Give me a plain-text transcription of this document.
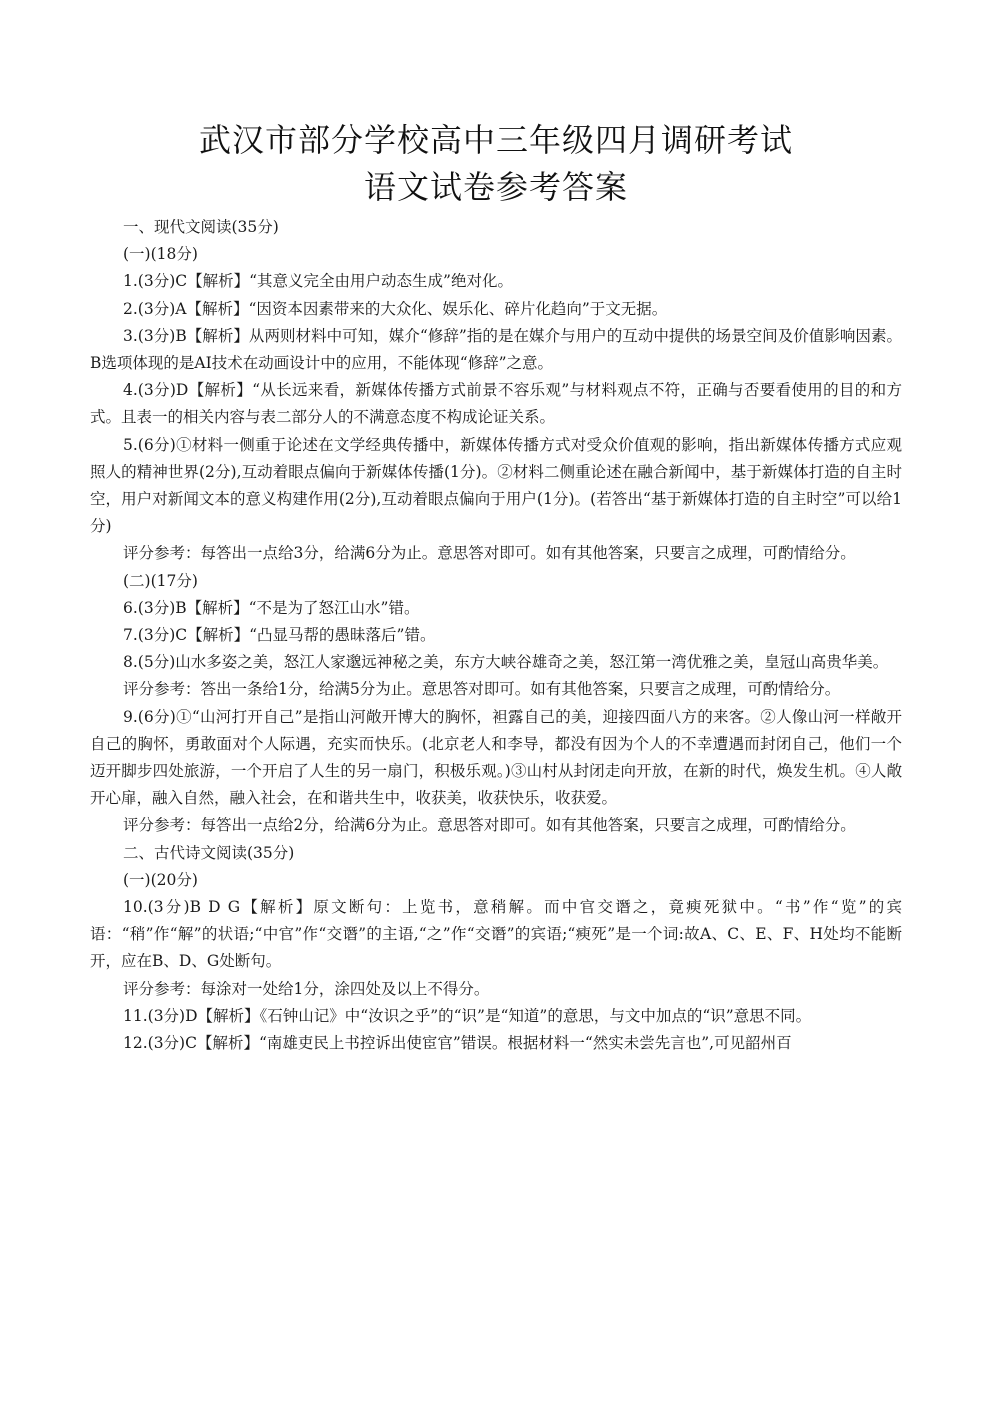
武汉市部分学校高中三年级四月调研考试
语文试卷参考答案

一、现代文阅读(35分)

(一)(18分)

1.(3分)C【解析】“其意义完全由用户动态生成”绝对化。

2.(3分)A【解析】“因资本因素带来的大众化、娱乐化、碎片化趋向”于文无据。

3.(3分)B【解析】从两则材料中可知，媒介“修辞”指的是在媒介与用户的互动中提供的场景空间及价值影响因素。B选项体现的是AI技术在动画设计中的应用，不能体现“修辞”之意。

4.(3分)D【解析】“从长远来看，新媒体传播方式前景不容乐观”与材料观点不符，正确与否要看使用的目的和方式。且表一的相关内容与表二部分人的不满意态度不构成论证关系。

5.(6分)①材料一侧重于论述在文学经典传播中，新媒体传播方式对受众价值观的影响，指出新媒体传播方式应观照人的精神世界(2分),互动着眼点偏向于新媒体传播(1分)。②材料二侧重论述在融合新闻中，基于新媒体打造的自主时空，用户对新闻文本的意义构建作用(2分),互动着眼点偏向于用户(1分)。(若答出“基于新媒体打造的自主时空”可以给1分)

评分参考：每答出一点给3分，给满6分为止。意思答对即可。如有其他答案，只要言之成理，可酌情给分。

(二)(17分)

6.(3分)B【解析】“不是为了怒江山水”错。

7.(3分)C【解析】“凸显马帮的愚昧落后”错。

8.(5分)山水多姿之美，怒江人家邈远神秘之美，东方大峡谷雄奇之美，怒江第一湾优雅之美，皇冠山高贵华美。

评分参考：答出一条给1分，给满5分为止。意思答对即可。如有其他答案，只要言之成理，可酌情给分。

9.(6分)①“山河打开自己”是指山河敞开博大的胸怀，袒露自己的美，迎接四面八方的来客。②人像山河一样敞开自己的胸怀，勇敢面对个人际遇，充实而快乐。(北京老人和李导，都没有因为个人的不幸遭遇而封闭自己，他们一个迈开脚步四处旅游，一个开启了人生的另一扇门，积极乐观。)③山村从封闭走向开放，在新的时代，焕发生机。④人敞开心扉，融入自然，融入社会，在和谐共生中，收获美，收获快乐，收获爱。

评分参考：每答出一点给2分，给满6分为止。意思答对即可。如有其他答案，只要言之成理，可酌情给分。

二、古代诗文阅读(35分)

(一)(20分)

10.(3分)B D G【解析】原文断句：上览书，意稍解。而中官交谮之，竟瘐死狱中。“书”作“览”的宾语：“稍”作“解”的状语;“中官”作“交谮”的主语,“之”作“交谮”的宾语;“瘐死”是一个词:故A、C、E、F、H处均不能断开，应在B、D、G处断句。

评分参考：每涂对一处给1分，涂四处及以上不得分。

11.(3分)D【解析】《石钟山记》中“汝识之乎”的“识”是“知道”的意思，与文中加点的“识”意思不同。

12.(3分)C【解析】“南雄吏民上书控诉出使宦官”错误。根据材料一“然实未尝先言也”,可见韶州百
